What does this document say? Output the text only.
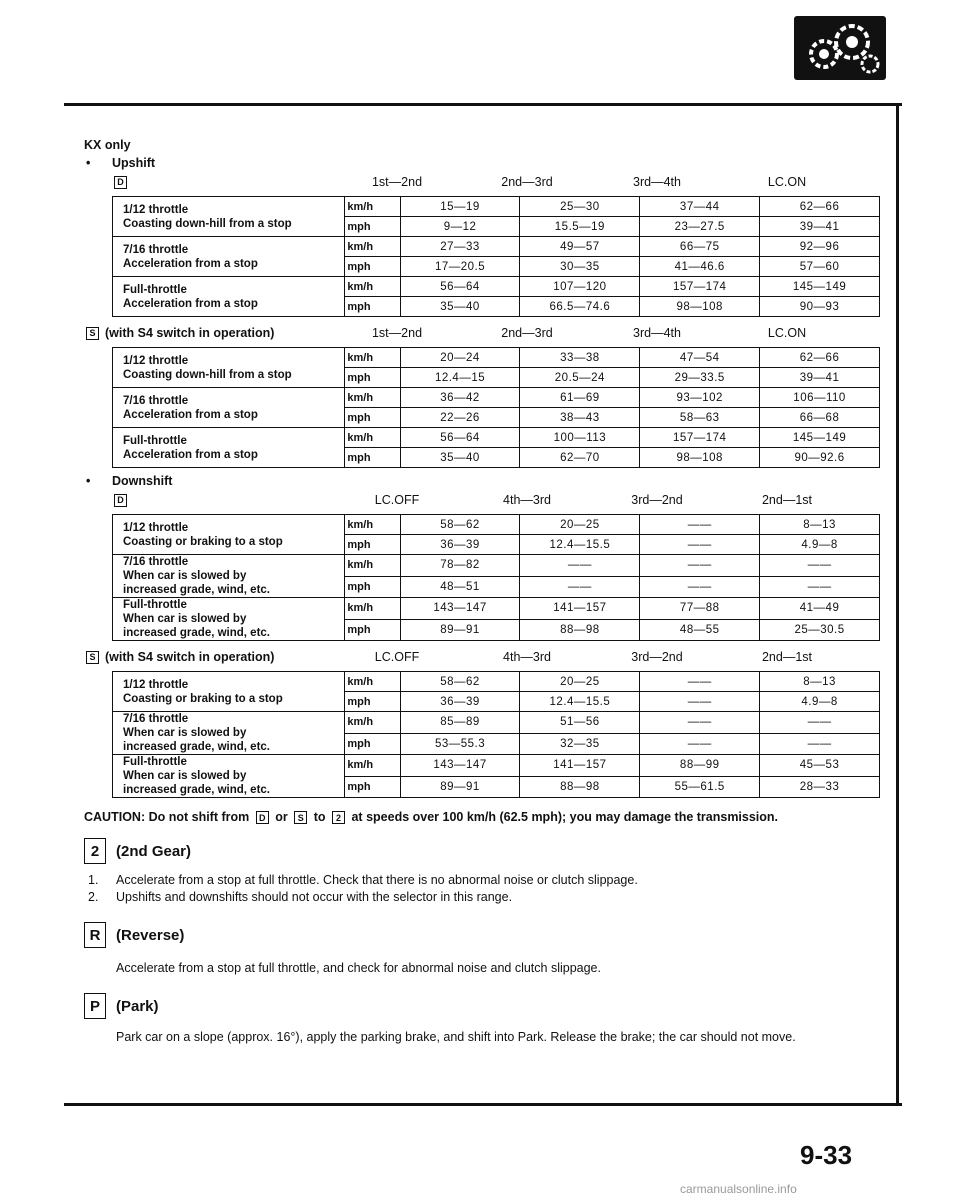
KX only
•	Upshift
D	1st—2nd	2nd—3rd	3rd—4th	LC.ON
1/12 throttle
Coasting down-hill from a stop	km/h	15—19	25—30	37—44	62—66
	mph	9—12	15.5—19	23—27.5	39—41
7/16 throttle
Acceleration from a stop	km/h	27—33	49—57	66—75	92—96
	mph	17—20.5	30—35	41—46.6	57—60
Full-throttle
Acceleration from a stop	km/h	56—64	107—120	157—174	145—149
	mph	35—40	66.5—74.6	98—108	90—93
S (with S4 switch in operation)	1st—2nd	2nd—3rd	3rd—4th	LC.ON
1/12 throttle
Coasting down-hill from a stop	km/h	20—24	33—38	47—54	62—66
	mph	12.4—15	20.5—24	29—33.5	39—41
7/16 throttle
Acceleration from a stop	km/h	36—42	61—69	93—102	106—110
	mph	22—26	38—43	58—63	66—68
Full-throttle
Acceleration from a stop	km/h	56—64	100—113	157—174	145—149
	mph	35—40	62—70	98—108	90—92.6
•	Downshift
D	LC.OFF	4th—3rd	3rd—2nd	2nd—1st
1/12 throttle
Coasting or braking to a stop	km/h	58—62	20—25	——	8—13
	mph	36—39	12.4—15.5	——	4.9—8
7/16 throttle
When car is slowed by
increased grade, wind, etc.	km/h	78—82	——	——	——
	mph	48—51	——	——	——
Full-throttle
When car is slowed by
increased grade, wind, etc.	km/h	143—147	141—157	77—88	41—49
	mph	89—91	88—98	48—55	25—30.5
S (with S4 switch in operation)	LC.OFF	4th—3rd	3rd—2nd	2nd—1st
1/12 throttle
Coasting or braking to a stop	km/h	58—62	20—25	——	8—13
	mph	36—39	12.4—15.5	——	4.9—8
7/16 throttle
When car is slowed by
increased grade, wind, etc.	km/h	85—89	51—56	——	——
	mph	53—55.3	32—35	——	——
Full-throttle
When car is slowed by
increased grade, wind, etc.	km/h	143—147	141—157	88—99	45—53
	mph	89—91	88—98	55—61.5	28—33
CAUTION: Do not shift from D or S to 2 at speeds over 100 km/h (62.5 mph); you may damage the transmission.
2	(2nd Gear)
1.	Accelerate from a stop at full throttle. Check that there is no abnormal noise or clutch slippage.
2.	Upshifts and downshifts should not occur with the selector in this range.
R	(Reverse)
Accelerate from a stop at full throttle, and check for abnormal noise and clutch slippage.
P	(Park)
Park car on a slope (approx. 16°), apply the parking brake, and shift into Park. Release the brake; the car should not move.
9-33
carmanualsonline.info
